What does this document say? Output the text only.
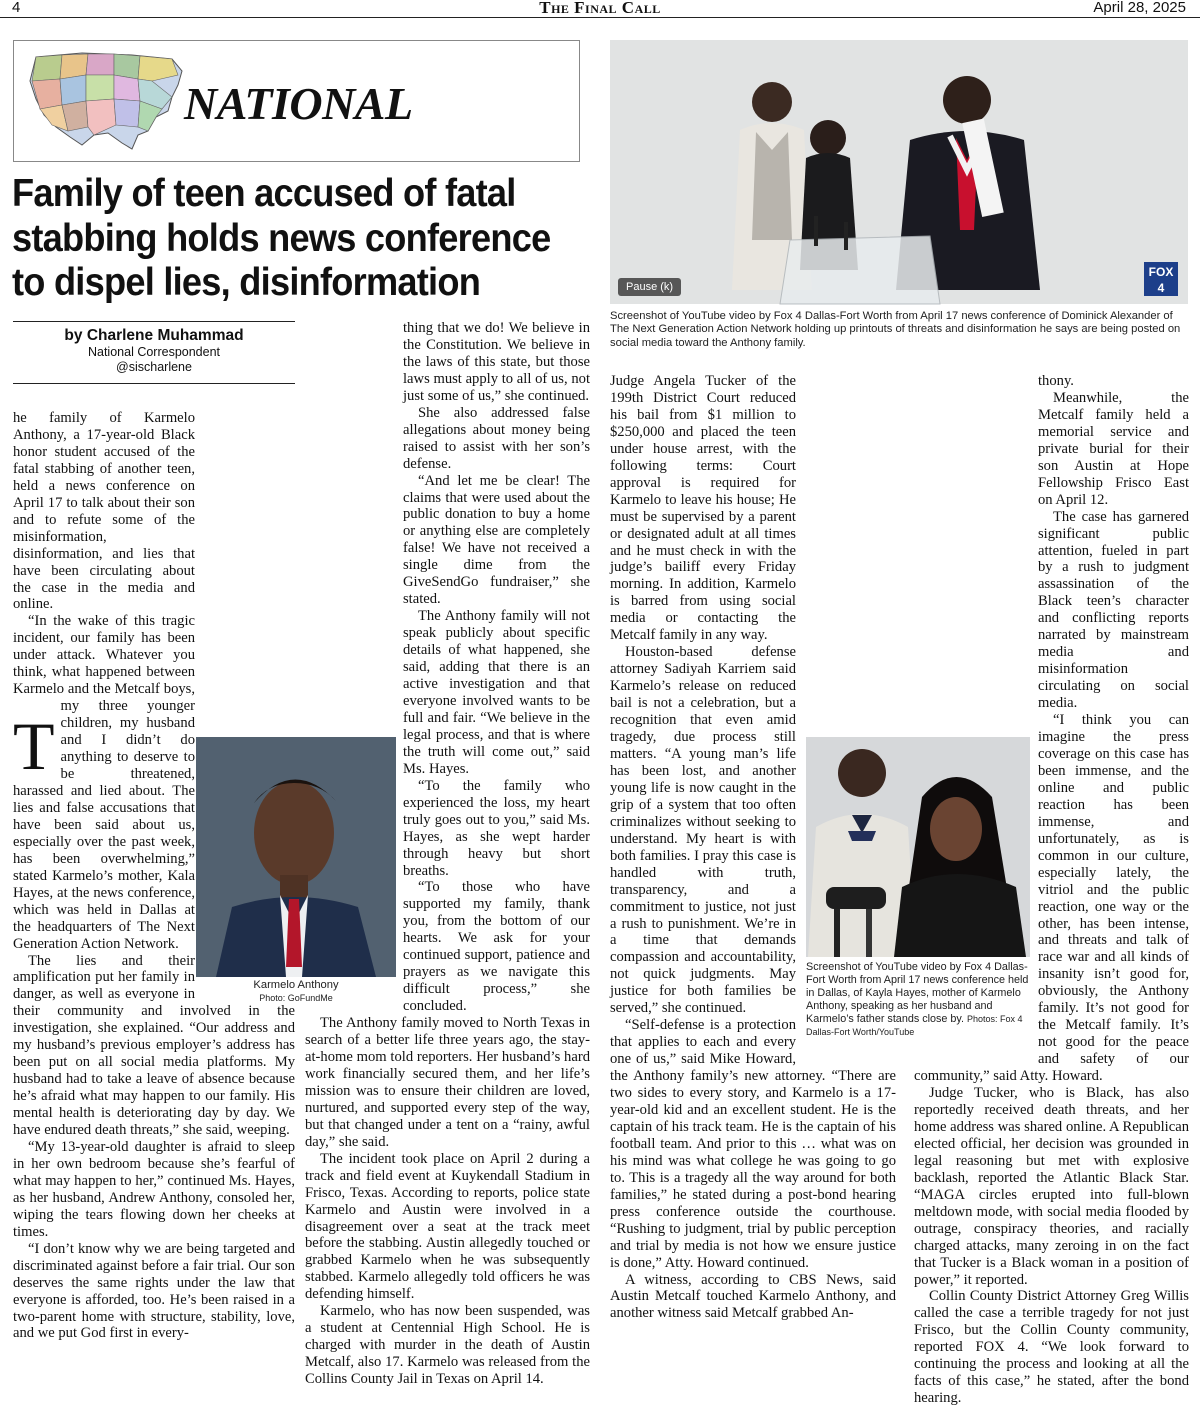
4	The Final Call	April 28, 2025
NATIONAL
Family of teen accused of fatal stabbing holds news conference to dispel lies, disinformation
by Charlene Muhammad
National Correspondent
@sischarlene
Pause (k)
FOX 4
Screenshot of YouTube video by Fox 4 Dallas-Fort Worth from April 17 news conference of Dominick Alexander of The Next Generation Action Network holding up printouts of threats and disinformation he says are being posted on social media toward the Anthony family.
T

he family of Karmelo Anthony, a 17-year-old Black honor student accused of the fatal stabbing of another teen, held a news conference on April 17 to talk about their son and to refute some of the misinformation, disinformation, and lies that have been circulating about the case in the media and online.

“In the wake of this tragic incident, our family has been under attack. Whatever you think, what happened between Karmelo and the Metcalf boys, my three younger children, my husband and I didn’t do anything to deserve to be threatened, harassed and lied about. The lies and false accusations that have been said about us, especially over the past week, has been overwhelming,” stated Karmelo’s mother, Kala Hayes, at the news conference, which was held in Dallas at the headquarters of The Next Generation Action Network.

The lies and their amplification put her family in danger, as well as everyone in their community and involved in the investigation, she explained. “Our address and my husband’s previous employer’s address has been put on all social media platforms. My husband had to take a leave of absence because he’s afraid what may happen to our family. His mental health is deteriorating day by day. We have endured death threats,” she said, weeping.

“My 13-year-old daughter is afraid to sleep in her own bedroom because she’s fearful of what may happen to her,” continued Ms. Hayes, as her husband, Andrew Anthony, consoled her, wiping the tears flowing down her cheeks at times.

“I don’t know why we are being targeted and discriminated against before a fair trial. Our son deserves the same rights under the law that everyone is afforded, too. He’s been raised in a two-parent home with structure, stability, love, and we put God first in every-

Karmelo Anthony
Photo: GoFundMe

thing that we do! We believe in the Constitution. We believe in the laws of this state, but those laws must apply to all of us, not just some of us,” she continued.

She also addressed false allegations about money being raised to assist with her son’s defense.

“And let me be clear! The claims that were used about the public donation to buy a home or anything else are completely false! We have not received a single dime from the GiveSendGo fundraiser,” she stated.

The Anthony family will not speak publicly about specific details of what happened, she said, adding that there is an active investigation and that everyone involved wants to be full and fair. “We believe in the legal process, and that is where the truth will come out,” said Ms. Hayes.

“To the family who experienced the loss, my heart truly goes out to you,” said Ms. Hayes, as she wept harder through heavy but short breaths.

“To those who have supported my family, thank you, from the bottom of our hearts. We ask for your continued support, patience and prayers as we navigate this difficult process,” she concluded.

The Anthony family moved to North Texas in search of a better life three years ago, the stay-at-home mom told reporters. Her husband’s hard work financially secured them, and her life’s mission was to ensure their children are loved, nurtured, and supported every step of the way, but that changed under a tent on a “rainy, awful day,” she said.

The incident took place on April 2 during a track and field event at Kuykendall Stadium in Frisco, Texas. According to reports, police state Karmelo and Austin were involved in a disagreement over a seat at the track meet before the stabbing. Austin allegedly touched or grabbed Karmelo when he was subsequently stabbed. Karmelo allegedly told officers he was defending himself.

Karmelo, who has now been suspended, was a student at Centennial High School. He is charged with murder in the death of Austin Metcalf, also 17. Karmelo was released from the Collins County Jail in Texas on April 14.

Judge Angela Tucker of the 199th District Court reduced his bail from $1 million to $250,000 and placed the teen under house arrest, with the following terms: Court approval is required for Karmelo to leave his house; He must be supervised by a parent or designated adult at all times and he must check in with the judge’s bailiff every Friday morning. In addition, Karmelo is barred from using social media or contacting the Metcalf family in any way.

Houston-based defense attorney Sadiyah Karriem said Karmelo’s release on reduced bail is not a celebration, but a recognition that even amid tragedy, due process still matters. “A young man’s life has been lost, and another young life is now caught in the grip of a system that too often criminalizes without seeking to understand. My heart is with both families. I pray this case is handled with truth, transparency, and a commitment to justice, not just a rush to punishment. We’re in a time that demands compassion and accountability, not quick judgments. May justice for both families be served,” she continued.

“Self-defense is a protection that applies to each and every one of us,” said Mike Howard, the Anthony family’s new attorney. “There are two sides to every story, and Karmelo is a 17-year-old kid and an excellent student. He is the captain of his track team. He is the captain of his football team. And prior to this … what was on his mind was what college he was going to go to. This is a tragedy all the way around for both families,” he stated during a post-bond hearing press conference outside the courthouse. “Rushing to judgment, trial by public perception and trial by media is not how we ensure justice is done,” Atty. Howard continued.

A witness, according to CBS News, said Austin Metcalf touched Karmelo Anthony, and another witness said Metcalf grabbed An-

Screenshot of YouTube video by Fox 4 Dallas-Fort Worth from April 17 news conference held in Dallas, of Kayla Hayes, mother of Karmelo Anthony, speaking as her husband and Karmelo’s father stands close by. Photos: Fox 4 Dallas-Fort Worth/YouTube

thony.

Meanwhile, the Metcalf family held a memorial service and private burial for their son Austin at Hope Fellowship Frisco East on April 12.

The case has garnered significant public attention, fueled in part by a rush to judgment assassination of the Black teen’s character and conflicting reports narrated by mainstream media and misinformation circulating on social media.

“I think you can imagine the press coverage on this case has been immense, and the online and public reaction has been immense, and unfortunately, as is common in our culture, especially lately, the vitriol and the public reaction, one way or the other, has been intense, and threats and talk of race war and all kinds of insanity isn’t good for, obviously, the Anthony family. It’s not good for the Metcalf family. It’s not good for the peace and safety of our community,” said Atty. Howard.

Judge Tucker, who is Black, has also reportedly received death threats, and her home address was shared online. A Republican elected official, her decision was grounded in legal reasoning but met with explosive backlash, reported the Atlantic Black Star. “MAGA circles erupted into full-blown meltdown mode, with social media flooded by outrage, conspiracy theories, and racially charged attacks, many zeroing in on the fact that Tucker is a Black woman in a position of power,” it reported.

Collin County District Attorney Greg Willis called the case a terrible tragedy for not just Frisco, but the Collin County community, reported FOX 4. “We look forward to continuing the process and looking at all the facts of this case,” he stated, after the bond hearing.
